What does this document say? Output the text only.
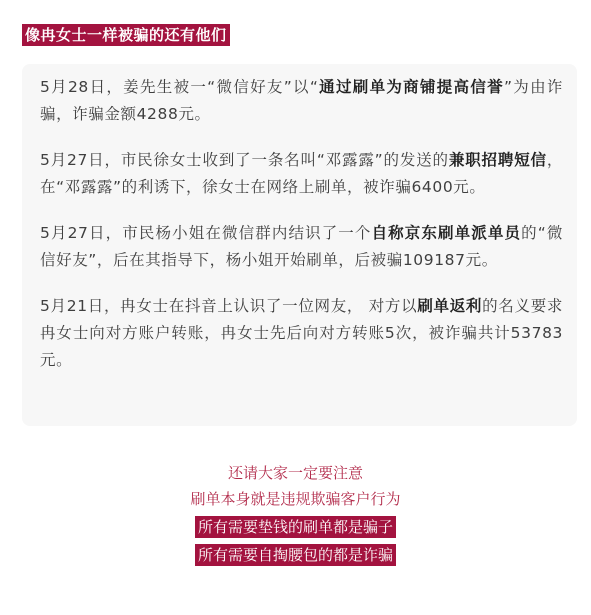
像冉女士一样被骗的还有他们

5月28日，姜先生被一“微信好友”以“通过刷单为商铺提高信誉”为由诈骗，诈骗金额4288元。

5月27日，市民徐女士收到了一条名叫“邓露露”的发送的兼职招聘短信，在“邓露露”的利诱下，徐女士在网络上刷单，被诈骗6400元。

5月27日，市民杨小姐在微信群内结识了一个自称京东刷单派单员的“微信好友”，后在其指导下，杨小姐开始刷单，后被骗109187元。

5月21日，冉女士在抖音上认识了一位网友， 对方以刷单返利的名义要求冉女士向对方账户转账，冉女士先后向对方转账5次，被诈骗共计53783元。

还请大家一定要注意
刷单本身就是违规欺骗客户行为
所有需要垫钱的刷单都是骗子
所有需要自掏腰包的都是诈骗
